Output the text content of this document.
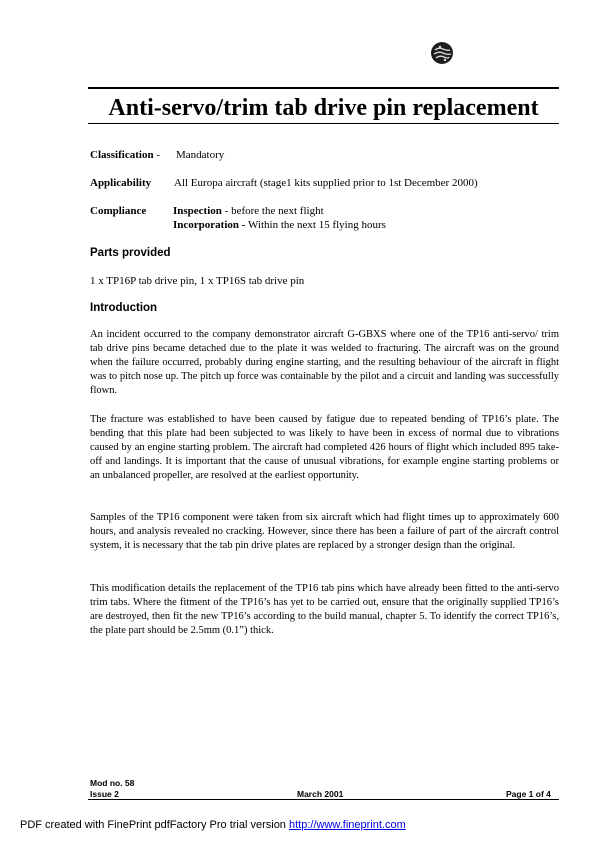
Anti-servo/trim tab drive pin replacement
Classification - Mandatory
Applicability All Europa aircraft (stage1 kits supplied prior to 1st December 2000)
Compliance Inspection - before the next flight
Incorporation - Within the next 15 flying hours
Parts provided
1 x TP16P tab drive pin, 1 x TP16S tab drive pin
Introduction
An incident occurred to the company demonstrator aircraft G-GBXS where one of the TP16 anti-servo/ trim tab drive pins became detached due to the plate it was welded to fracturing. The aircraft was on the ground when the failure occurred, probably during engine starting, and the resulting behaviour of the aircraft in flight was to pitch nose up. The pitch up force was containable by the pilot and a circuit and landing was successfully flown.
The fracture was established to have been caused by fatigue due to repeated bending of TP16’s plate. The bending that this plate had been subjected to was likely to have been in excess of normal due to vibrations caused by an engine starting problem. The aircraft had completed 426 hours of flight which included 895 take-off and landings. It is important that the cause of unusual vibrations, for example engine starting problems or an unbalanced propeller, are resolved at the earliest opportunity.
Samples of the TP16 component were taken from six aircraft which had flight times up to approximately 600 hours, and analysis revealed no cracking. However, since there has been a failure of part of the aircraft control system, it is necessary that the tab pin drive plates are replaced by a stronger design than the original.
This modification details the replacement of the TP16 tab pins which have already been fitted to the anti-servo trim tabs. Where the fitment of the TP16’s has yet to be carried out, ensure that the originally supplied TP16’s are destroyed, then fit the new TP16’s according to the build manual, chapter 5. To identify the correct TP16’s, the plate part should be 2.5mm (0.1”) thick.
Mod no. 58
Issue 2	March 2001	Page 1 of 4
PDF created with FinePrint pdfFactory Pro trial version http://www.fineprint.com
